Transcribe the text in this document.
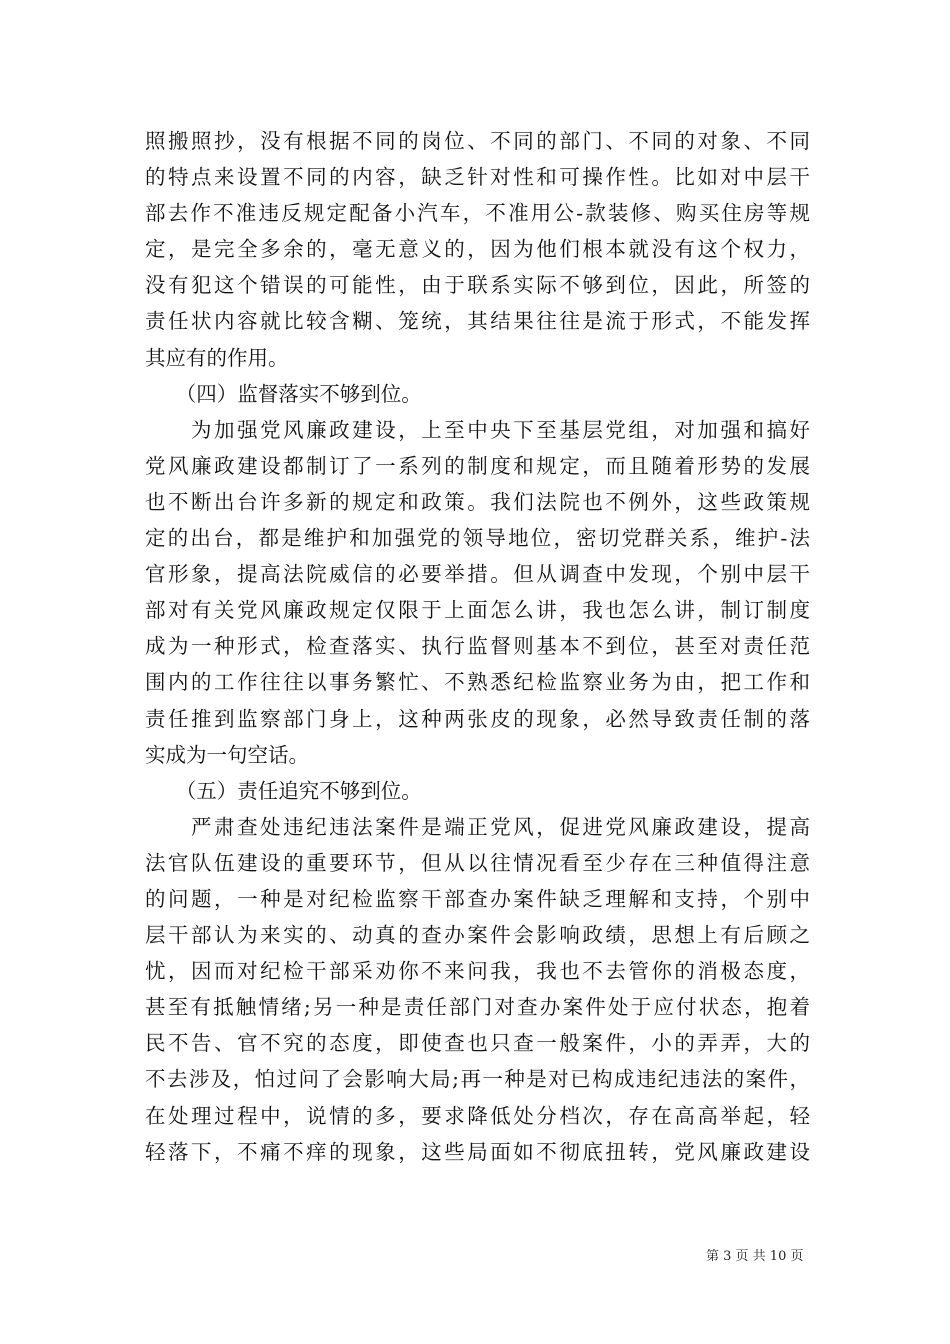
照搬照抄，没有根据不同的岗位、不同的部门、不同的对象、不同
的特点来设置不同的内容，缺乏针对性和可操作性。比如对中层干
部去作不准违反规定配备小汽车，不准用公-款装修、购买住房等规
定，是完全多余的，毫无意义的，因为他们根本就没有这个权力，
没有犯这个错误的可能性，由于联系实际不够到位，因此，所签的
责任状内容就比较含糊、笼统，其结果往往是流于形式，不能发挥
其应有的作用。
　　（四）监督落实不够到位。
　　为加强党风廉政建设，上至中央下至基层党组，对加强和搞好
党风廉政建设都制订了一系列的制度和规定，而且随着形势的发展
也不断出台许多新的规定和政策。我们法院也不例外，这些政策规
定的出台，都是维护和加强党的领导地位，密切党群关系，维护-法
官形象，提高法院威信的必要举措。但从调查中发现，个别中层干
部对有关党风廉政规定仅限于上面怎么讲，我也怎么讲，制订制度
成为一种形式，检查落实、执行监督则基本不到位，甚至对责任范
围内的工作往往以事务繁忙、不熟悉纪检监察业务为由，把工作和
责任推到监察部门身上，这种两张皮的现象，必然导致责任制的落
实成为一句空话。
　　（五）责任追究不够到位。
　　严肃查处违纪违法案件是端正党风，促进党风廉政建设，提高
法官队伍建设的重要环节，但从以往情况看至少存在三种值得注意
的问题，一种是对纪检监察干部查办案件缺乏理解和支持，个别中
层干部认为来实的、动真的查办案件会影响政绩，思想上有后顾之
忧，因而对纪检干部采劝你不来问我，我也不去管你的消极态度，
甚至有抵触情绪;另一种是责任部门对查办案件处于应付状态，抱着
民不告、官不究的态度，即使查也只查一般案件，小的弄弄，大的
不去涉及，怕过问了会影响大局;再一种是对已构成违纪违法的案件，
在处理过程中，说情的多，要求降低处分档次，存在高高举起，轻
轻落下，不痛不痒的现象，这些局面如不彻底扭转，党风廉政建设
第 3 页 共 10 页
